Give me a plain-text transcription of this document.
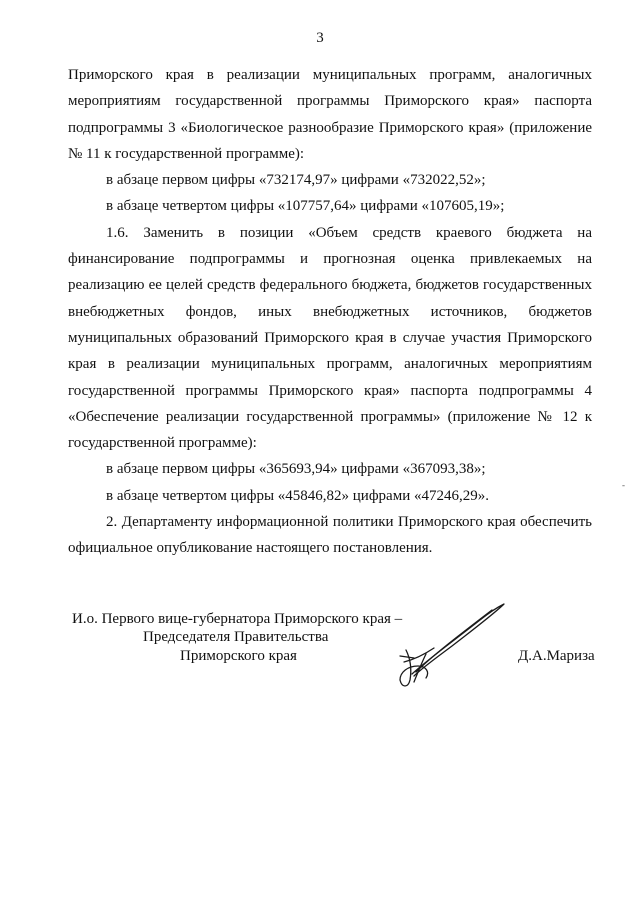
3

Приморского края в реализации муниципальных программ, аналогичных мероприятиям государственной программы Приморского края» паспорта подпрограммы 3 «Биологическое разнообразие Приморского края» (приложение № 11 к государственной программе):

в абзаце первом цифры «732174,97» цифрами «732022,52»;

в абзаце четвертом цифры «107757,64» цифрами «107605,19»;

1.6. Заменить в позиции «Объем средств краевого бюджета на финансирование подпрограммы и прогнозная оценка привлекаемых на реализацию ее целей средств федерального бюджета, бюджетов государственных внебюджетных фондов, иных внебюджетных источников, бюджетов муниципальных образований Приморского края в случае участия Приморского края в реализации муниципальных программ, аналогичных мероприятиям государственной программы Приморского края» паспорта подпрограммы 4 «Обеспечение реализации государственной программы» (приложение № 12 к государственной программе):

в абзаце первом цифры «365693,94» цифрами «367093,38»;

в абзаце четвертом цифры «45846,82» цифрами «47246,29».

2. Департаменту информационной политики Приморского края обеспечить официальное опубликование настоящего постановления.

И.о. Первого вице-губернатора Приморского края –
Председателя Правительства
Приморского края	Д.А.Мариза
-
